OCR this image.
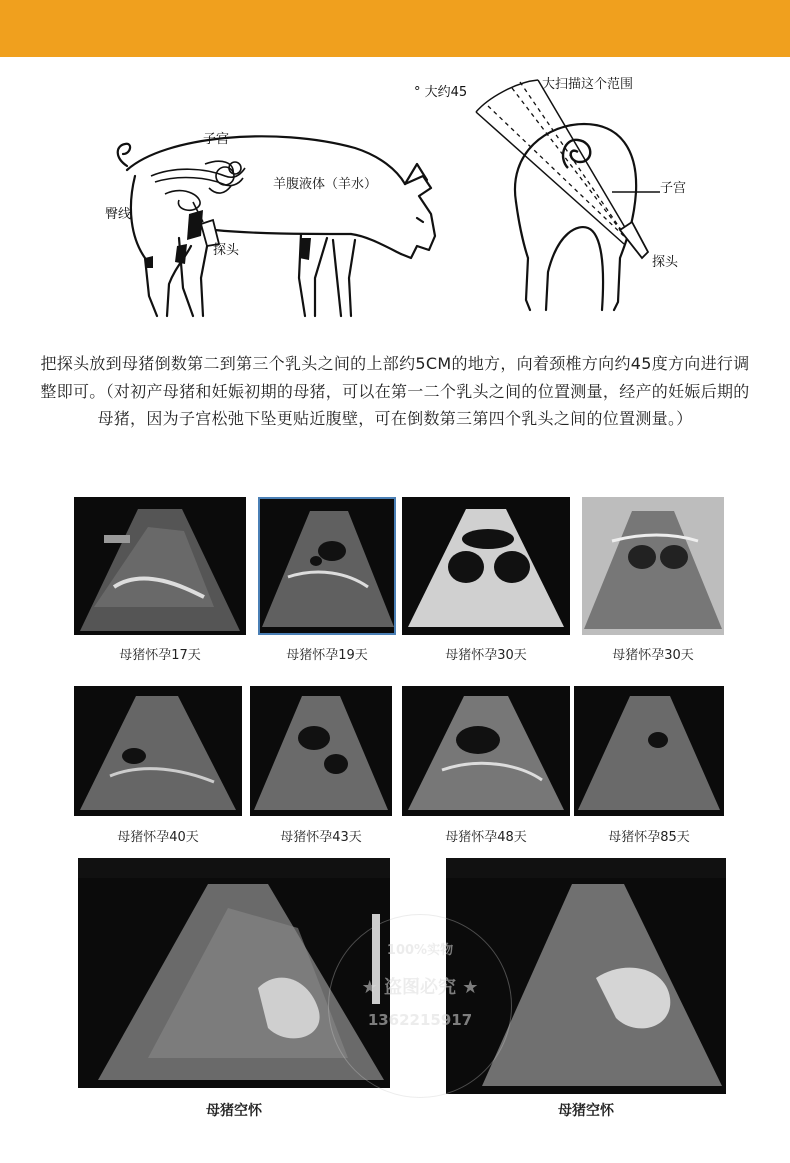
子宫
羊腹液体（羊水）
臀线
探头
° 大约45
大扫描这个范围
子宫
探头
把探头放到母猪倒数第二到第三个乳头之间的上部约5CM的地方，向着颈椎方向约45度方向进行调整即可。（对初产母猪和妊娠初期的母猪，可以在第一二个乳头之间的位置测量，经产的妊娠后期的母猪，因为子宫松弛下坠更贴近腹壁，可在倒数第三第四个乳头之间的位置测量。）
母猪怀孕17天	母猪怀孕19天	母猪怀孕30天	母猪怀孕30天
母猪怀孕40天	母猪怀孕43天	母猪怀孕48天	母猪怀孕85天
母猪空怀	母猪空怀
100%实物
★ 盗图必究 ★
1362215917
